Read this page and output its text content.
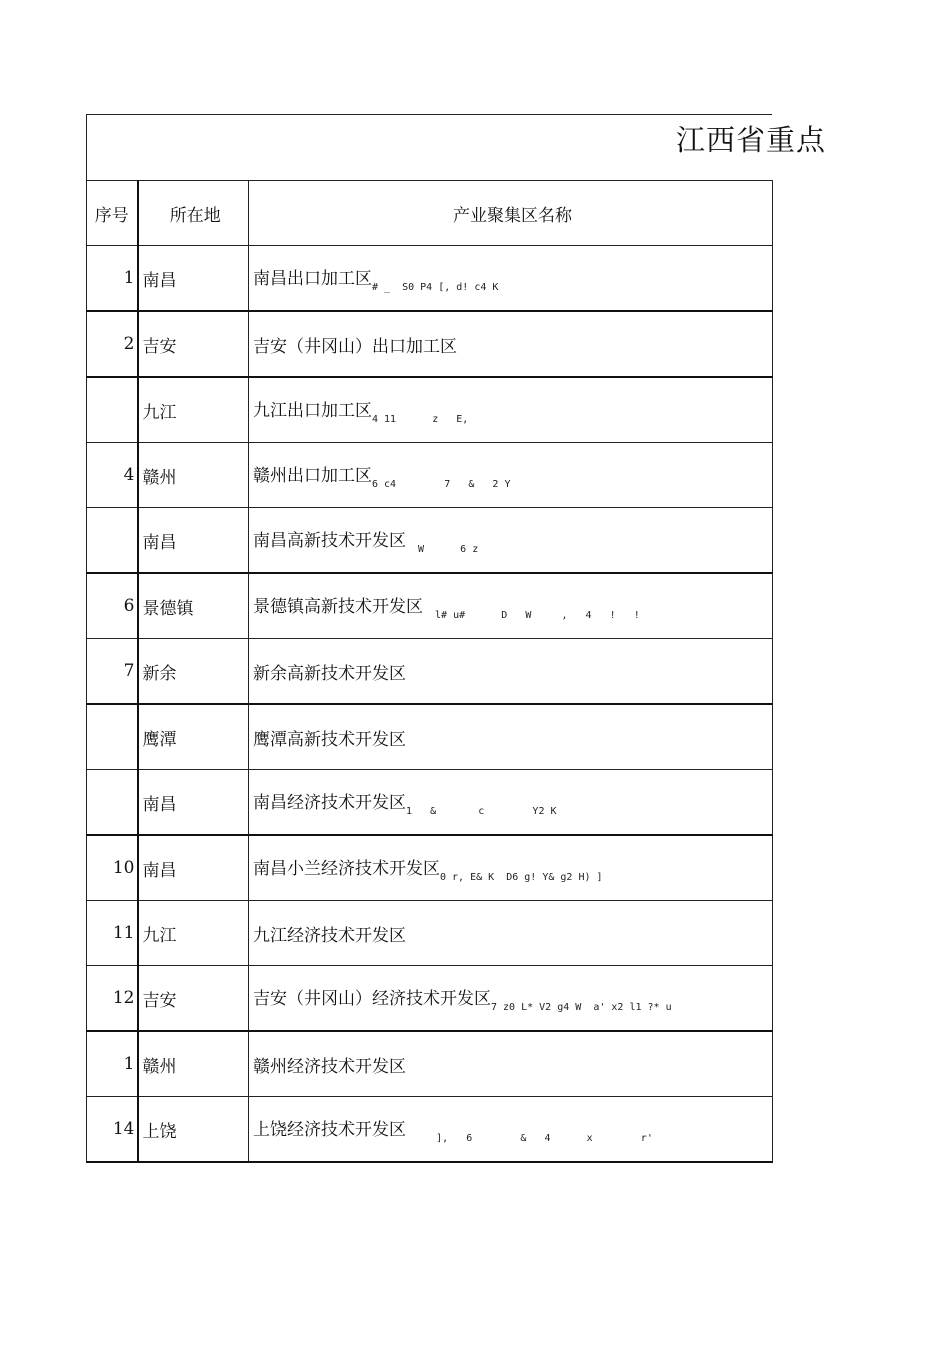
江西省重点
序号	所在地	产业聚集区名称
1	南昌	南昌出口加工区$_{\# \_ S0 P4 [, d! c4 K}$
2	吉安	吉安（井冈山）出口加工区
	九江	九江出口加工区$_{4 11 z E,}$
4	赣州	赣州出口加工区$_{6 c4 7 \& 2 Y}$
	南昌	南昌高新技术开发区  $_{W 6 z}$
6	景德镇	景德镇高新技术开发区  $_{l\# u\# D W , 4 ! !}$
7	新余	新余高新技术开发区
	鹰潭	鹰潭高新技术开发区
	南昌	南昌经济技术开发区$_{1 \& c Y2 K}$
10	南昌	南昌小兰经济技术开发区$_{0 r, E\& K D6 g! Y\& g2 H) ]}$
11	九江	九江经济技术开发区
12	吉安	吉安（井冈山）经济技术开发区$_{7 z0 L* V2 g4 W a' x2 l1 ?* u}$
1	赣州	赣州经济技术开发区
14	上饶	上饶经济技术开发区     $_{], 6 \& 4 x r'}$
